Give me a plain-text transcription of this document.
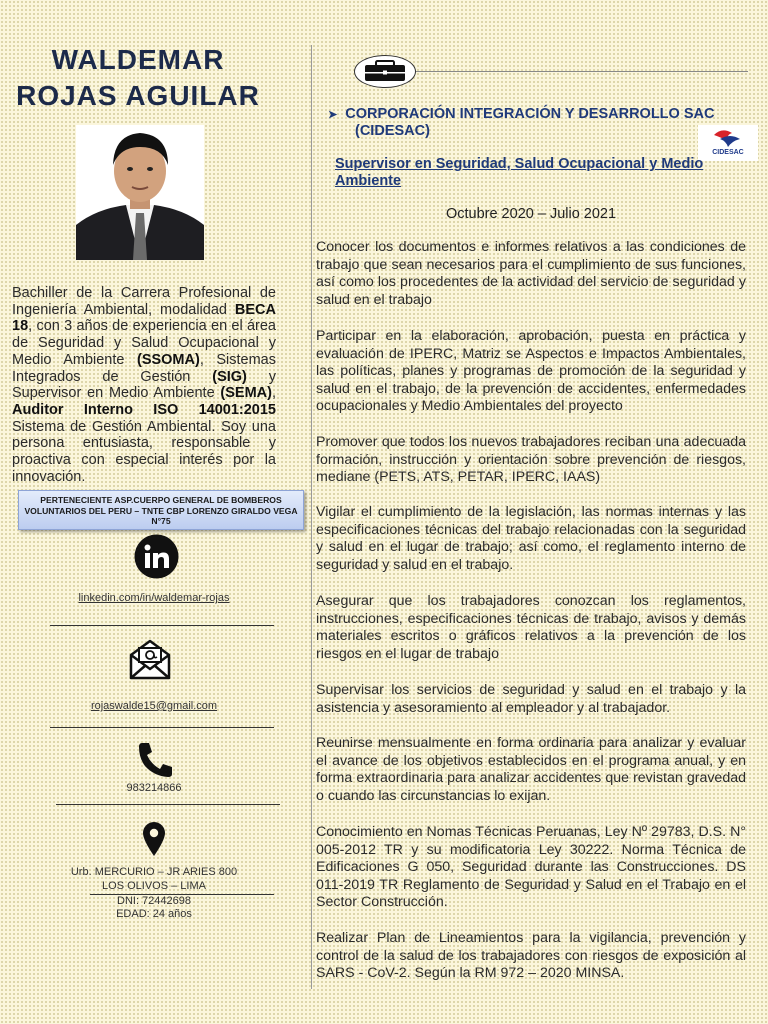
WALDEMAR
ROJAS AGUILAR
Bachiller de la Carrera Profesional de Ingeniería Ambiental, modalidad BECA 18, con 3 años de experiencia en el área de Seguridad y Salud Ocupacional y Medio Ambiente (SSOMA), Sistemas Integrados de Gestión (SIG) y Supervisor en Medio Ambiente (SEMA), Auditor Interno ISO 14001:2015 Sistema de Gestión Ambiental. Soy una persona entusiasta, responsable y proactiva con especial interés por la innovación.
PERTENECIENTE ASP.CUERPO GENERAL DE BOMBEROS VOLUNTARIOS DEL PERU – TNTE CBP LORENZO GIRALDO VEGA N°75
linkedin.com/in/waldemar-rojas
rojaswalde15@gmail.com
983214866
Urb. MERCURIO – JR ARIES 800
LOS OLIVOS – LIMA
DNI: 72442698
EDAD: 24 años
➤ CORPORACIÓN INTEGRACIÓN Y DESARROLLO SAC
(CIDESAC)
CIDESAC
Supervisor en Seguridad, Salud Ocupacional y Medio Ambiente
Octubre 2020 – Julio 2021
Conocer los documentos e informes relativos a las condiciones de trabajo que sean necesarios para el cumplimiento de sus funciones, así como los procedentes de la actividad del servicio de seguridad y salud en el trabajo
Participar en la elaboración, aprobación, puesta en práctica y evaluación de IPERC, Matriz se Aspectos e Impactos Ambientales, las políticas, planes y programas de promoción de la seguridad y salud en el trabajo, de la prevención de accidentes, enfermedades ocupacionales y Medio Ambientales del proyecto
Promover que todos los nuevos trabajadores reciban una adecuada formación, instrucción y orientación sobre prevención de riesgos, mediane (PETS, ATS, PETAR, IPERC, IAAS)
Vigilar el cumplimiento de la legislación, las normas internas y las especificaciones técnicas del trabajo relacionadas con la seguridad y salud en el lugar de trabajo; así como, el reglamento interno de seguridad y salud en el trabajo.
Asegurar que los trabajadores conozcan los reglamentos, instrucciones, especificaciones técnicas de trabajo, avisos y demás materiales escritos o gráficos relativos a la prevención de los riesgos en el lugar de trabajo
Supervisar los servicios de seguridad y salud en el trabajo y la asistencia y asesoramiento al empleador y al trabajador.
Reunirse mensualmente en forma ordinaria para analizar y evaluar el avance de los objetivos establecidos en el programa anual, y en forma extraordinaria para analizar accidentes que revistan gravedad o cuando las circunstancias lo exijan.
Conocimiento en Nomas Técnicas Peruanas, Ley Nº 29783, D.S. N° 005-2012 TR y su modificatoria Ley 30222. Norma Técnica de Edificaciones G 050, Seguridad durante las Construcciones. DS 011-2019 TR Reglamento de Seguridad y Salud en el Trabajo en el Sector Construcción.
Realizar Plan de Lineamientos para la vigilancia, prevención y control de la salud de los trabajadores con riesgos de exposición al SARS - CoV-2. Según la RM 972 – 2020 MINSA.
